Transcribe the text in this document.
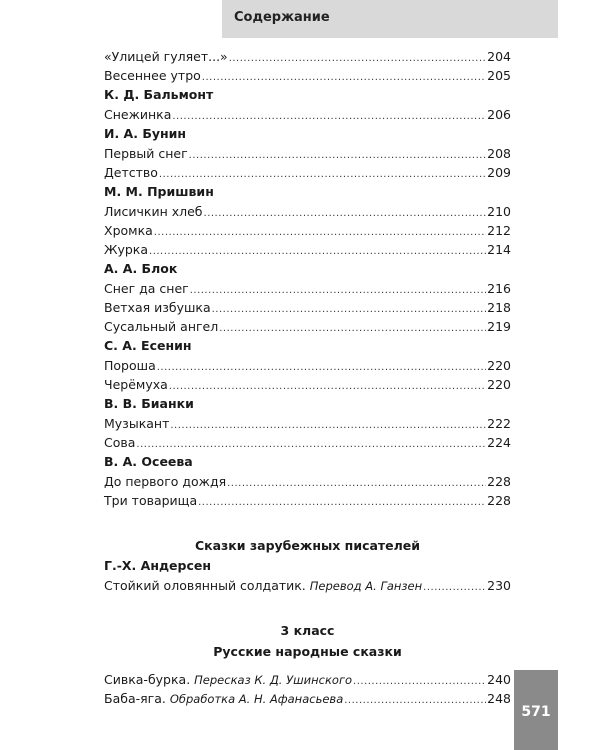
Содержание
«Улицей гуляет...» .....	204
Весеннее утро .....	205
К. Д. Бальмонт
Снежинка .....	206
И. А. Бунин
Первый снег .....	208
Детство .....	209
М. М. Пришвин
Лисичкин хлеб .....	210
Хромка .....	212
Журка .....	214
А. А. Блок
Снег да снег .....	216
Ветхая избушка .....	218
Сусальный ангел .....	219
С. А. Есенин
Пороша .....	220
Черёмуха .....	220
В. В. Бианки
Музыкант .....	222
Сова .....	224
В. А. Осеева
До первого дождя .....	228
Три товарища .....	228
Сказки зарубежных писателей
Г.-Х. Андерсен
Стойкий оловянный солдатик. Перевод А. Ганзен .....	230
3 класс
Русские народные сказки
Сивка-бурка. Пересказ К. Д. Ушинского .....	240
Баба-яга. Обработка А. Н. Афанасьева .....	248
571
